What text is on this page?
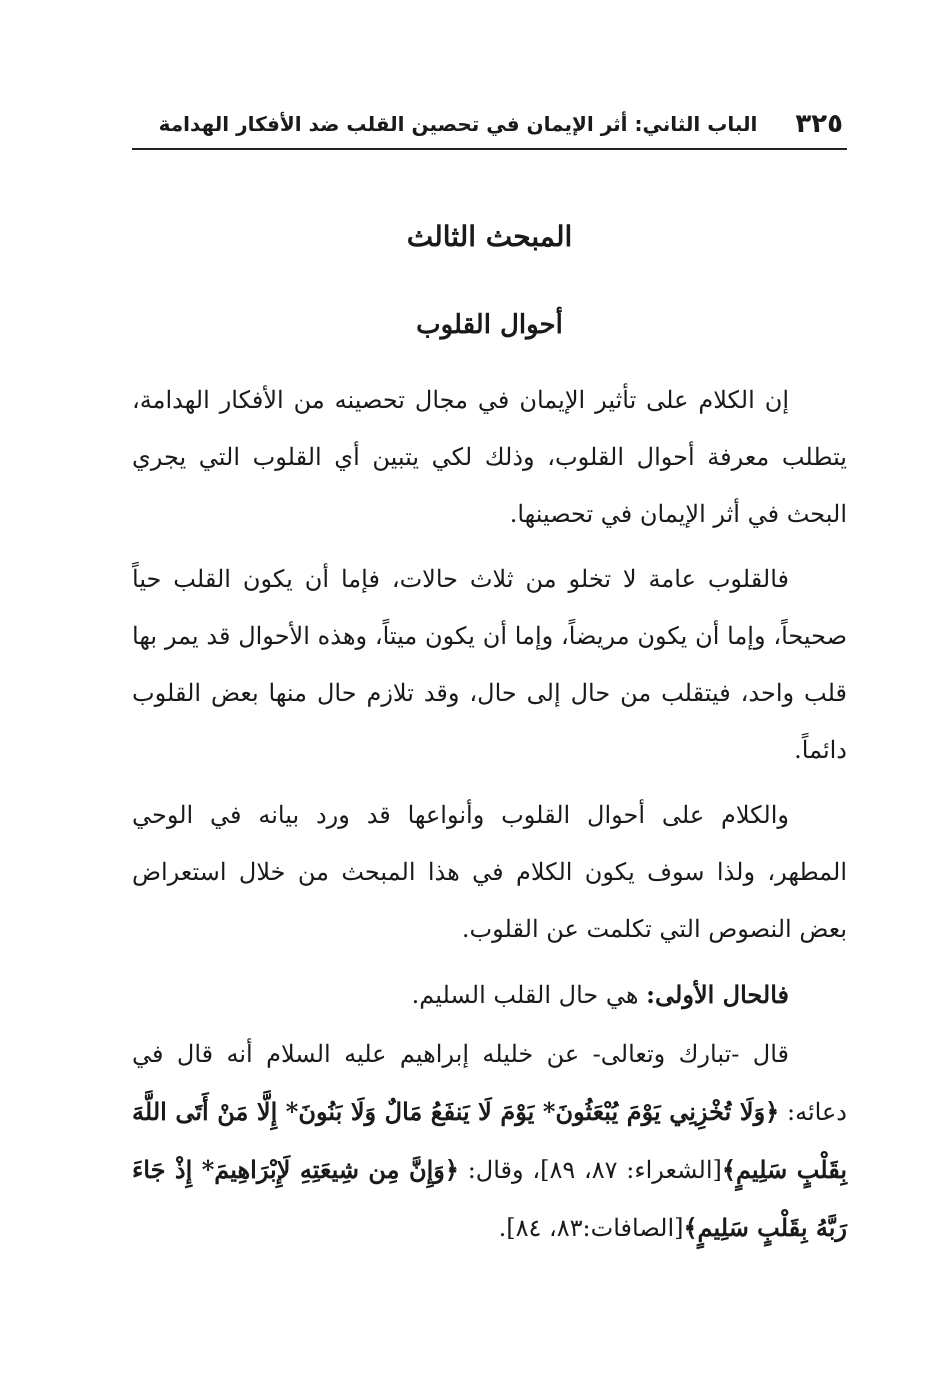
٣٢٥
الباب الثاني: أثر الإيمان في تحصين القلب ضد الأفكار الهدامة
المبحث الثالث
أحوال القلوب

إن الكلام على تأثير الإيمان في مجال تحصينه من الأفكار الهدامة، يتطلب معرفة أحوال القلوب، وذلك لكي يتبين أي القلوب التي يجري البحث في أثر الإيمان في تحصينها.

فالقلوب عامة لا تخلو من ثلاث حالات، فإما أن يكون القلب حياً صحيحاً، وإما أن يكون مريضاً، وإما أن يكون ميتاً، وهذه الأحوال قد يمر بها قلب واحد، فيتقلب من حال إلى حال، وقد تلازم حال منها بعض القلوب دائماً.

والكلام على أحوال القلوب وأنواعها قد ورد بيانه في الوحي المطهر، ولذا سوف يكون الكلام في هذا المبحث من خلال استعراض بعض النصوص التي تكلمت عن القلوب.

فالحال الأولى: هي حال القلب السليم.

قال -تبارك وتعالى- عن خليله إبراهيم عليه السلام أنه قال في دعائه: ﴿وَلَا تُخْزِنِي يَوْمَ يُبْعَثُونَ* يَوْمَ لَا يَنفَعُ مَالٌ وَلَا بَنُونَ* إِلَّا مَنْ أَتَى اللَّهَ بِقَلْبٍ سَلِيمٍ﴾[الشعراء: ٨٧، ٨٩]، وقال: ﴿وَإِنَّ مِن شِيعَتِهِ لَإِبْرَاهِيمَ* إِذْ جَاءَ رَبَّهُ بِقَلْبٍ سَلِيمٍ﴾[الصافات:٨٣، ٨٤].
